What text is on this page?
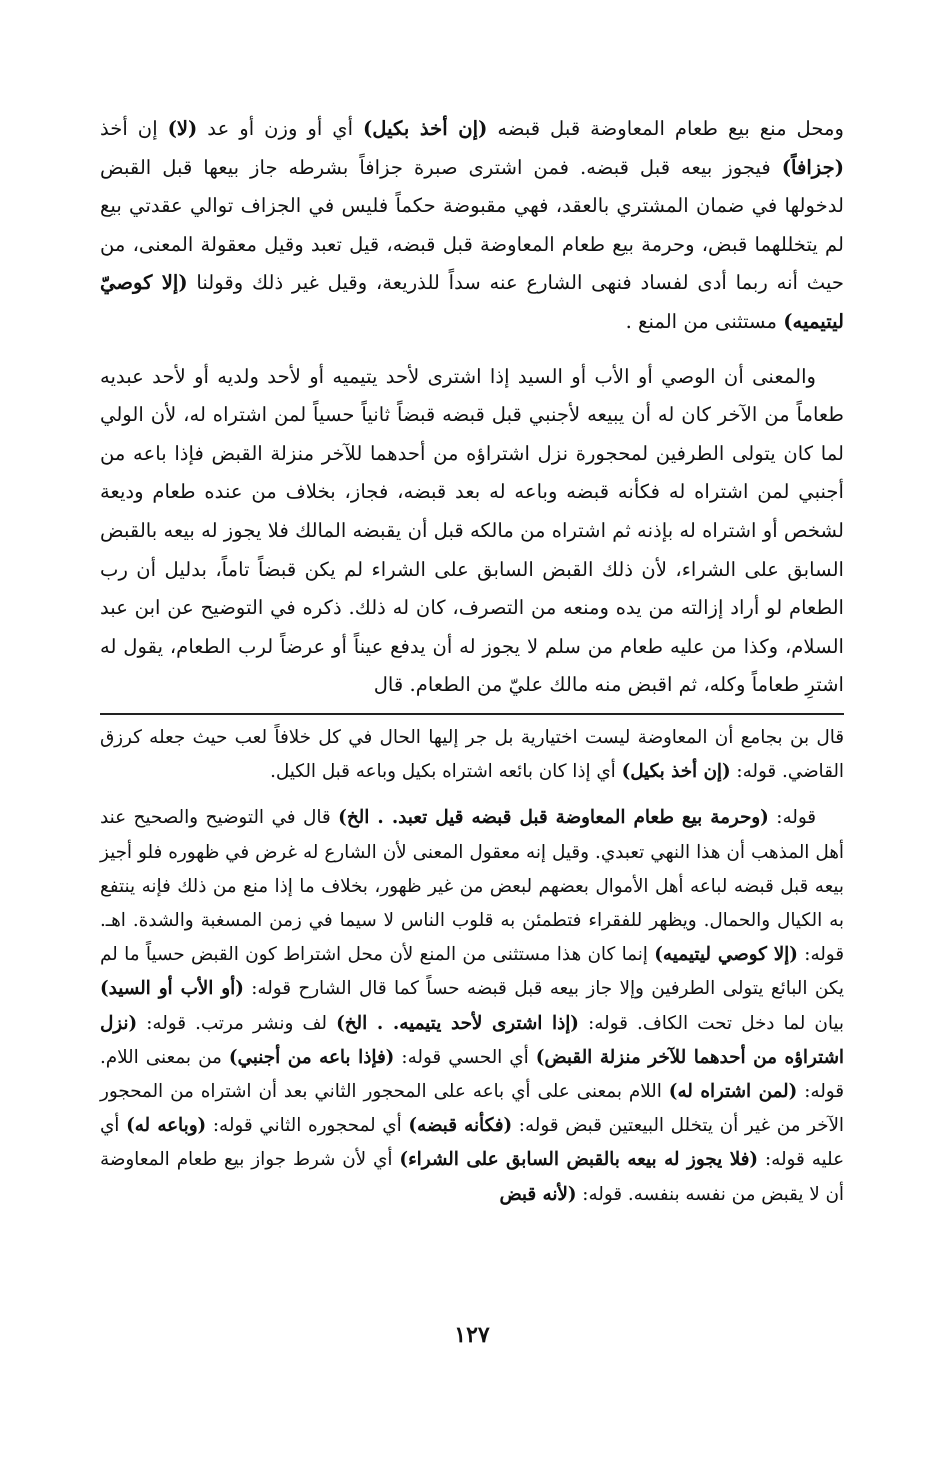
ومحل منع بيع طعام المعاوضة قبل قبضه (إن أخذ بكيل) أي أو وزن أو عد (لا) إن أخذ (جزافاً) فيجوز بيعه قبل قبضه. فمن اشترى صبرة جزافاً بشرطه جاز بيعها قبل القبض لدخولها في ضمان المشتري بالعقد، فهي مقبوضة حكماً فليس في الجزاف توالي عقدتي بيع لم يتخللهما قبض، وحرمة بيع طعام المعاوضة قبل قبضه، قيل تعبد وقيل معقولة المعنى، من حيث أنه ربما أدى لفساد فنهى الشارع عنه سداً للذريعة، وقيل غير ذلك وقولنا (إلا كوصيّ ليتيميه) مستثنى من المنع .

والمعنى أن الوصي أو الأب أو السيد إذا اشترى لأحد يتيميه أو لأحد ولديه أو لأحد عبديه طعاماً من الآخر كان له أن يبيعه لأجنبي قبل قبضه قبضاً ثانياً حسياً لمن اشتراه له، لأن الولي لما كان يتولى الطرفين لمحجورة نزل اشتراؤه من أحدهما للآخر منزلة القبض فإذا باعه من أجنبي لمن اشتراه له فكأنه قبضه وباعه له بعد قبضه، فجاز، بخلاف من عنده طعام وديعة لشخص أو اشتراه له بإذنه ثم اشتراه من مالكه قبل أن يقبضه المالك فلا يجوز له بيعه بالقبض السابق على الشراء، لأن ذلك القبض السابق على الشراء لم يكن قبضاً تاماً، بدليل أن رب الطعام لو أراد إزالته من يده ومنعه من التصرف، كان له ذلك. ذكره في التوضيح عن ابن عبد السلام، وكذا من عليه طعام من سلم لا يجوز له أن يدفع عيناً أو عرضاً لرب الطعام، يقول له اشترِ طعاماً وكله، ثم اقبض منه مالك عليّ من الطعام. قال

قال بن بجامع أن المعاوضة ليست اختيارية بل جر إليها الحال في كل خلافاً لعب حيث جعله كرزق القاضي. قوله: (إن أخذ بكيل) أي إذا كان بائعه اشتراه بكيل وباعه قبل الكيل.

قوله: (وحرمة بيع طعام المعاوضة قبل قبضه قيل تعبد. . الخ) قال في التوضيح والصحيح عند أهل المذهب أن هذا النهي تعبدي. وقيل إنه معقول المعنى لأن الشارع له غرض في ظهوره فلو أجيز بيعه قبل قبضه لباعه أهل الأموال بعضهم لبعض من غير ظهور، بخلاف ما إذا منع من ذلك فإنه ينتفع به الكيال والحمال. ويظهر للفقراء فتطمئن به قلوب الناس لا سيما في زمن المسغبة والشدة. اهـ. قوله: (إلا كوصي ليتيميه) إنما كان هذا مستثنى من المنع لأن محل اشتراط كون القبض حسياً ما لم يكن البائع يتولى الطرفين وإلا جاز بيعه قبل قبضه حساً كما قال الشارح قوله: (أو الأب أو السيد) بيان لما دخل تحت الكاف. قوله: (إذا اشترى لأحد يتيميه. . الخ) لف ونشر مرتب. قوله: (نزل اشتراؤه من أحدهما للآخر منزلة القبض) أي الحسي قوله: (فإذا باعه من أجنبي) من بمعنى اللام. قوله: (لمن اشتراه له) اللام بمعنى على أي باعه على المحجور الثاني بعد أن اشتراه من المحجور الآخر من غير أن يتخلل البيعتين قبض قوله: (فكأنه قبضه) أي لمحجوره الثاني قوله: (وباعه له) أي عليه قوله: (فلا يجوز له بيعه بالقبض السابق على الشراء) أي لأن شرط جواز بيع طعام المعاوضة أن لا يقبض من نفسه بنفسه. قوله: (لأنه قبض

١٢٧
